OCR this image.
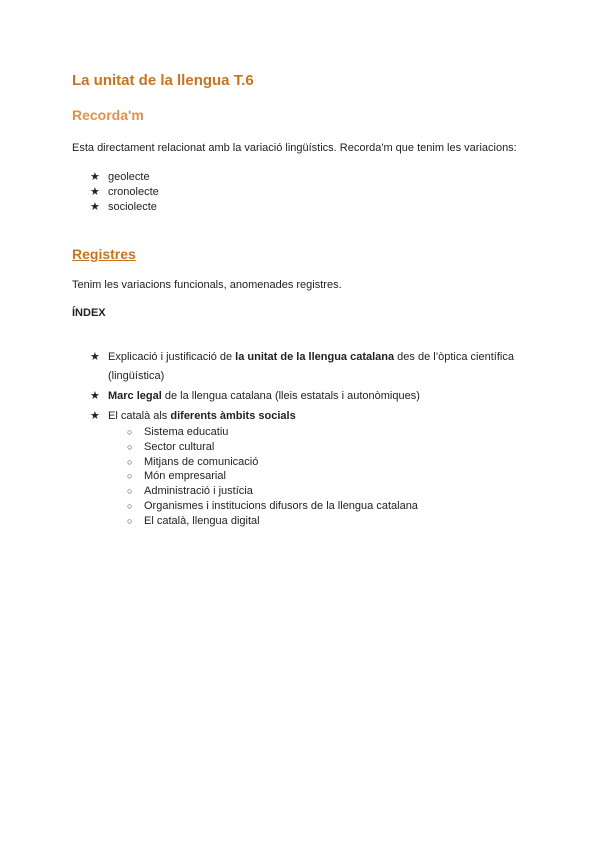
La unitat de la llengua T.6
Recorda'm

Esta directament relacionat amb la variació lingüístics. Recorda'm que tenim les variacions:

★ geolecte
★ cronolecte
★ sociolecte
Registres

Tenim les variacions funcionals, anomenades registres.

ÍNDEX

★ Explicació i justificació de la unitat de la llengua catalana des de l’òptica científica (lingüística)
★ Marc legal de la llengua catalana (lleis estatals i autonòmiques)
★ El català als diferents àmbits socials
○ Sistema educatiu
○ Sector cultural
○ Mitjans de comunicació
○ Món empresarial
○ Administració i justícia
○ Organismes i institucions difusors de la llengua catalana
○ El català, llengua digital
